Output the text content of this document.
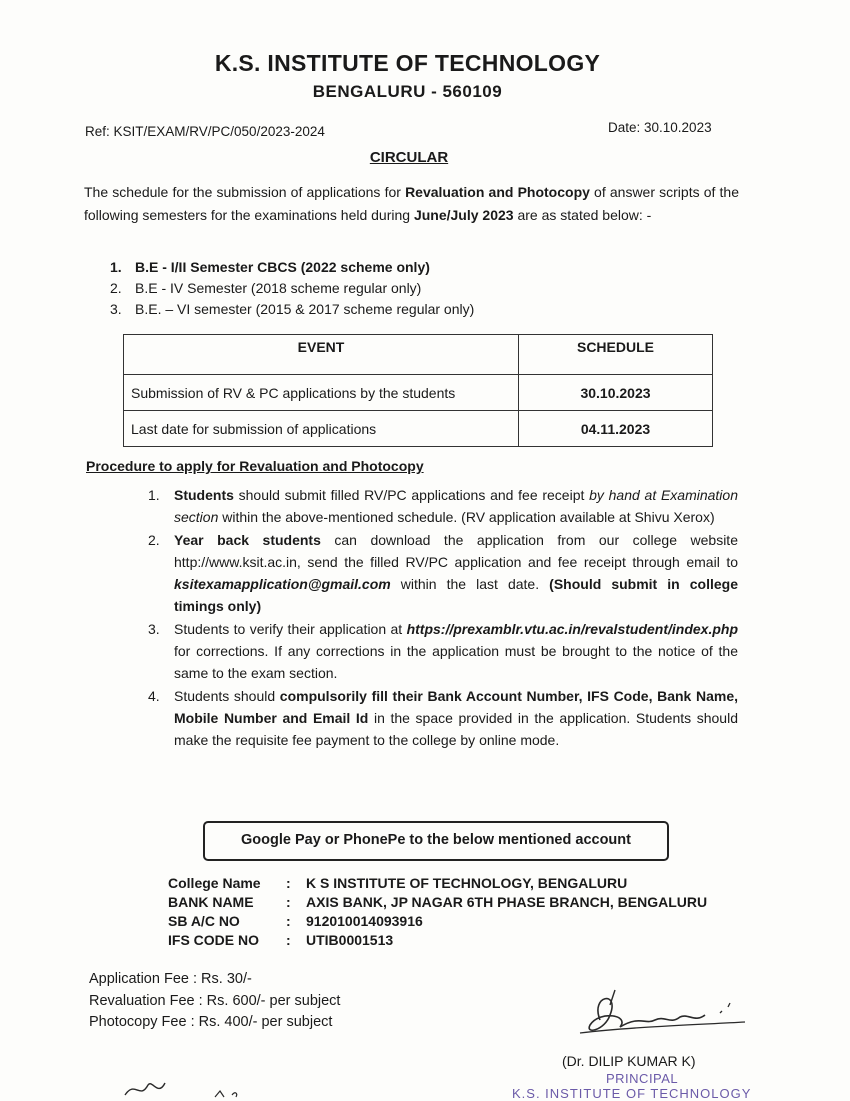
K.S. INSTITUTE OF TECHNOLOGY
BENGALURU - 560109
Ref: KSIT/EXAM/RV/PC/050/2023-2024	Date: 30.10.2023
CIRCULAR
The schedule for the submission of applications for Revaluation and Photocopy of answer scripts of the following semesters for the examinations held during June/July 2023 are as stated below: -
1. B.E - I/II Semester CBCS (2022 scheme only)
2. B.E - IV Semester (2018 scheme regular only)
3. B.E. – VI semester (2015 & 2017 scheme regular only)
EVENT	SCHEDULE
Submission of RV & PC applications by the students	30.10.2023
Last date for submission of applications	04.11.2023
Procedure to apply for Revaluation and Photocopy
1.	Students should submit filled RV/PC applications and fee receipt by hand at Examination section within the above-mentioned schedule. (RV application available at Shivu Xerox)
2.	Year back students can download the application from our college website http://www.ksit.ac.in, send the filled RV/PC application and fee receipt through email to ksitexamapplication@gmail.com within the last date. (Should submit in college timings only)
3.	Students to verify their application at https://prexamblr.vtu.ac.in/revalstudent/index.php for corrections. If any corrections in the application must be brought to the notice of the same to the exam section.
4.	Students should compulsorily fill their Bank Account Number, IFS Code, Bank Name, Mobile Number and Email Id in the space provided in the application. Students should make the requisite fee payment to the college by online mode.
Google Pay or PhonePe to the below mentioned account
College Name	:	K S INSTITUTE OF TECHNOLOGY, BENGALURU
BANK NAME	:	AXIS BANK, JP NAGAR 6TH PHASE BRANCH, BENGALURU
SB A/C NO	:	912010014093916
IFS CODE NO	:	UTIB0001513
Application Fee : Rs. 30/-
Revaluation Fee : Rs. 600/- per subject
Photocopy Fee : Rs. 400/- per subject
(Dr. DILIP KUMAR K)
PRINCIPAL
K.S. INSTITUTE OF TECHNOLOGY
